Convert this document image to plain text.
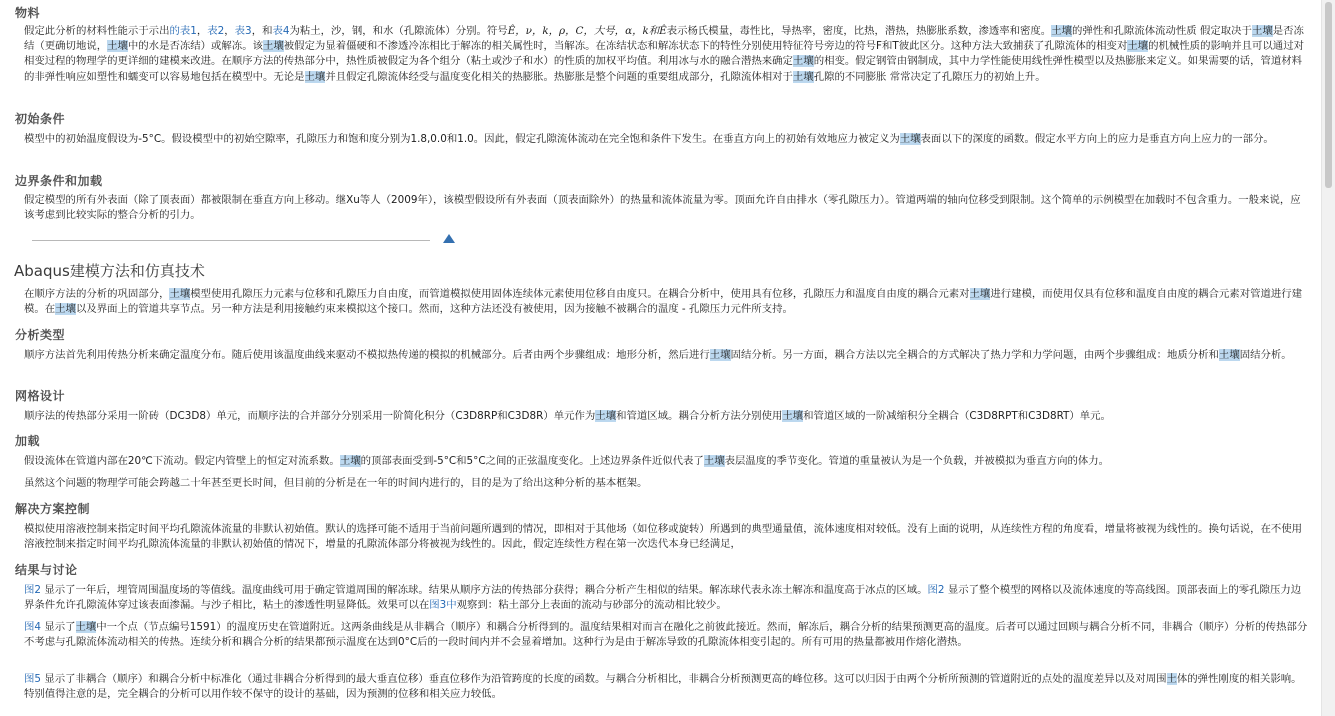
物料
假定此分析的材料性能示于示出的表1，表2，表3，和表4为粘土，沙，钢，和水（孔隙流体）分别。符号Ê，ν，k，ρ，C，大号，α，k和Ê表示杨氏模量，毒性比，导热率，密度，比热，潜热，热膨胀系数，渗透率和密度。土壤的弹性和孔隙流体流动性质 假定取决于土壤是否冻结（更确切地说，土壤中的水是否冻结）或解冻。该土壤被假定为显着僵硬和不渗透冷冻相比于解冻的相关属性时，当解冻。在冻结状态和解冻状态下的特性分别使用特征符号旁边的符号F和T彼此区分。这种方法大致捕获了孔隙流体的相变对土壤的机械性质的影响并且可以通过对相变过程的物理学的更详细的建模来改进。在顺序方法的传热部分中，热性质被假定为各个组分（粘土或沙子和水）的性质的加权平均值。利用冰与水的融合潜热来确定土壤的相变。假定钢管由钢制成，其中力学性能使用线性弹性模型以及热膨胀来定义。如果需要的话，管道材料的非弹性响应如塑性和蠕变可以容易地包括在模型中。无论是土壤并且假定孔隙流体经受与温度变化相关的热膨胀。热膨胀是整个问题的重要组成部分，孔隙流体相对于土壤孔隙的不同膨胀 常常决定了孔隙压力的初始上升。
初始条件
模型中的初始温度假设为-5°C。假设模型中的初始空隙率，孔隙压力和饱和度分别为1.8,0.0和1.0。因此，假定孔隙流体流动在完全饱和条件下发生。在垂直方向上的初始有效地应力被定义为土壤表面以下的深度的函数。假定水平方向上的应力是垂直方向上应力的一部分。
边界条件和加载
假定模型的所有外表面（除了顶表面）都被限制在垂直方向上移动。继Xu等人（2009年），该模型假设所有外表面（顶表面除外）的热量和流体流量为零。顶面允许自由排水（零孔隙压力）。管道两端的轴向位移受到限制。这个简单的示例模型在加载时不包含重力。一般来说，应该考虑到比较实际的整合分析的引力。
Abaqus建模方法和仿真技术
在顺序方法的分析的巩固部分，土壤模型使用孔隙压力元素与位移和孔隙压力自由度，而管道模拟使用固体连续体元素使用位移自由度只。在耦合分析中，使用具有位移，孔隙压力和温度自由度的耦合元素对土壤进行建模，而使用仅具有位移和温度自由度的耦合元素对管道进行建模。在土壤以及界面上的管道共享节点。另一种方法是利用接触约束来模拟这个接口。然而，这种方法还没有被使用，因为接触不被耦合的温度 - 孔隙压力元件所支持。
分析类型
顺序方法首先利用传热分析来确定温度分布。随后使用该温度曲线来驱动不模拟热传递的模拟的机械部分。后者由两个步骤组成：地形分析，然后进行土壤固结分析。另一方面，耦合方法以完全耦合的方式解决了热力学和力学问题，由两个步骤组成：地质分析和土壤固结分析。
网格设计
顺序法的传热部分采用一阶砖（DC3D8）单元，而顺序法的合并部分分别采用一阶简化积分（C3D8RP和C3D8R）单元作为土壤和管道区域。耦合分析方法分别使用土壤和管道区域的一阶减缩积分全耦合（C3D8RPT和C3D8RT）单元。
加载
假设流体在管道内部在20℃下流动。假定内管壁上的恒定对流系数。土壤的顶部表面受到-5°C和5°C之间的正弦温度变化。上述边界条件近似代表了土壤表层温度的季节变化。管道的重量被认为是一个负载，并被模拟为垂直方向的体力。
虽然这个问题的物理学可能会跨越二十年甚至更长时间，但目前的分析是在一年的时间内进行的，目的是为了给出这种分析的基本框架。
解决方案控制
模拟使用溶液控制来指定时间平均孔隙流体流量的非默认初始值。默认的选择可能不适用于当前问题所遇到的情况，即相对于其他场（如位移或旋转）所遇到的典型通量值，流体速度相对较低。没有上面的说明，从连续性方程的角度看，增量将被视为线性的。换句话说，在不使用溶液控制来指定时间平均孔隙流体流量的非默认初始值的情况下，增量的孔隙流体部分将被视为线性的。因此，假定连续性方程在第一次迭代本身已经满足，
结果与讨论
图2 显示了一年后，埋管周围温度场的等值线。温度曲线可用于确定管道周围的解冻球。结果从顺序方法的传热部分获得；耦合分析产生相似的结果。解冻球代表永冻土解冻和温度高于冰点的区域。图2 显示了整个模型的网格以及流体速度的等高线图。顶部表面上的零孔隙压力边界条件允许孔隙流体穿过该表面渗漏。与沙子相比，粘土的渗透性明显降低。效果可以在图3中观察到：粘土部分上表面的流动与砂部分的流动相比较少。
图4 显示了土壤中一个点（节点编号1591）的温度历史在管道附近。这两条曲线是从非耦合（顺序）和耦合分析得到的。温度结果相对而言在融化之前彼此接近。然而，解冻后，耦合分析的结果预测更高的温度。后者可以通过回顾与耦合分析不同，非耦合（顺序）分析的传热部分不考虑与孔隙流体流动相关的传热。连续分析和耦合分析的结果都预示温度在达到0°C后的一段时间内并不会显着增加。这种行为是由于解冻导致的孔隙流体相变引起的。所有可用的热量都被用作熔化潜热。
图5 显示了非耦合（顺序）和耦合分析中标准化（通过非耦合分析得到的最大垂直位移）垂直位移作为沿管跨度的长度的函数。与耦合分析相比，非耦合分析预测更高的峰位移。这可以归因于由两个分析所预测的管道附近的点处的温度差异以及对周围土体的弹性刚度的相关影响。特别值得注意的是，完全耦合的分析可以用作较不保守的设计的基础，因为预测的位移和相关应力较低。
